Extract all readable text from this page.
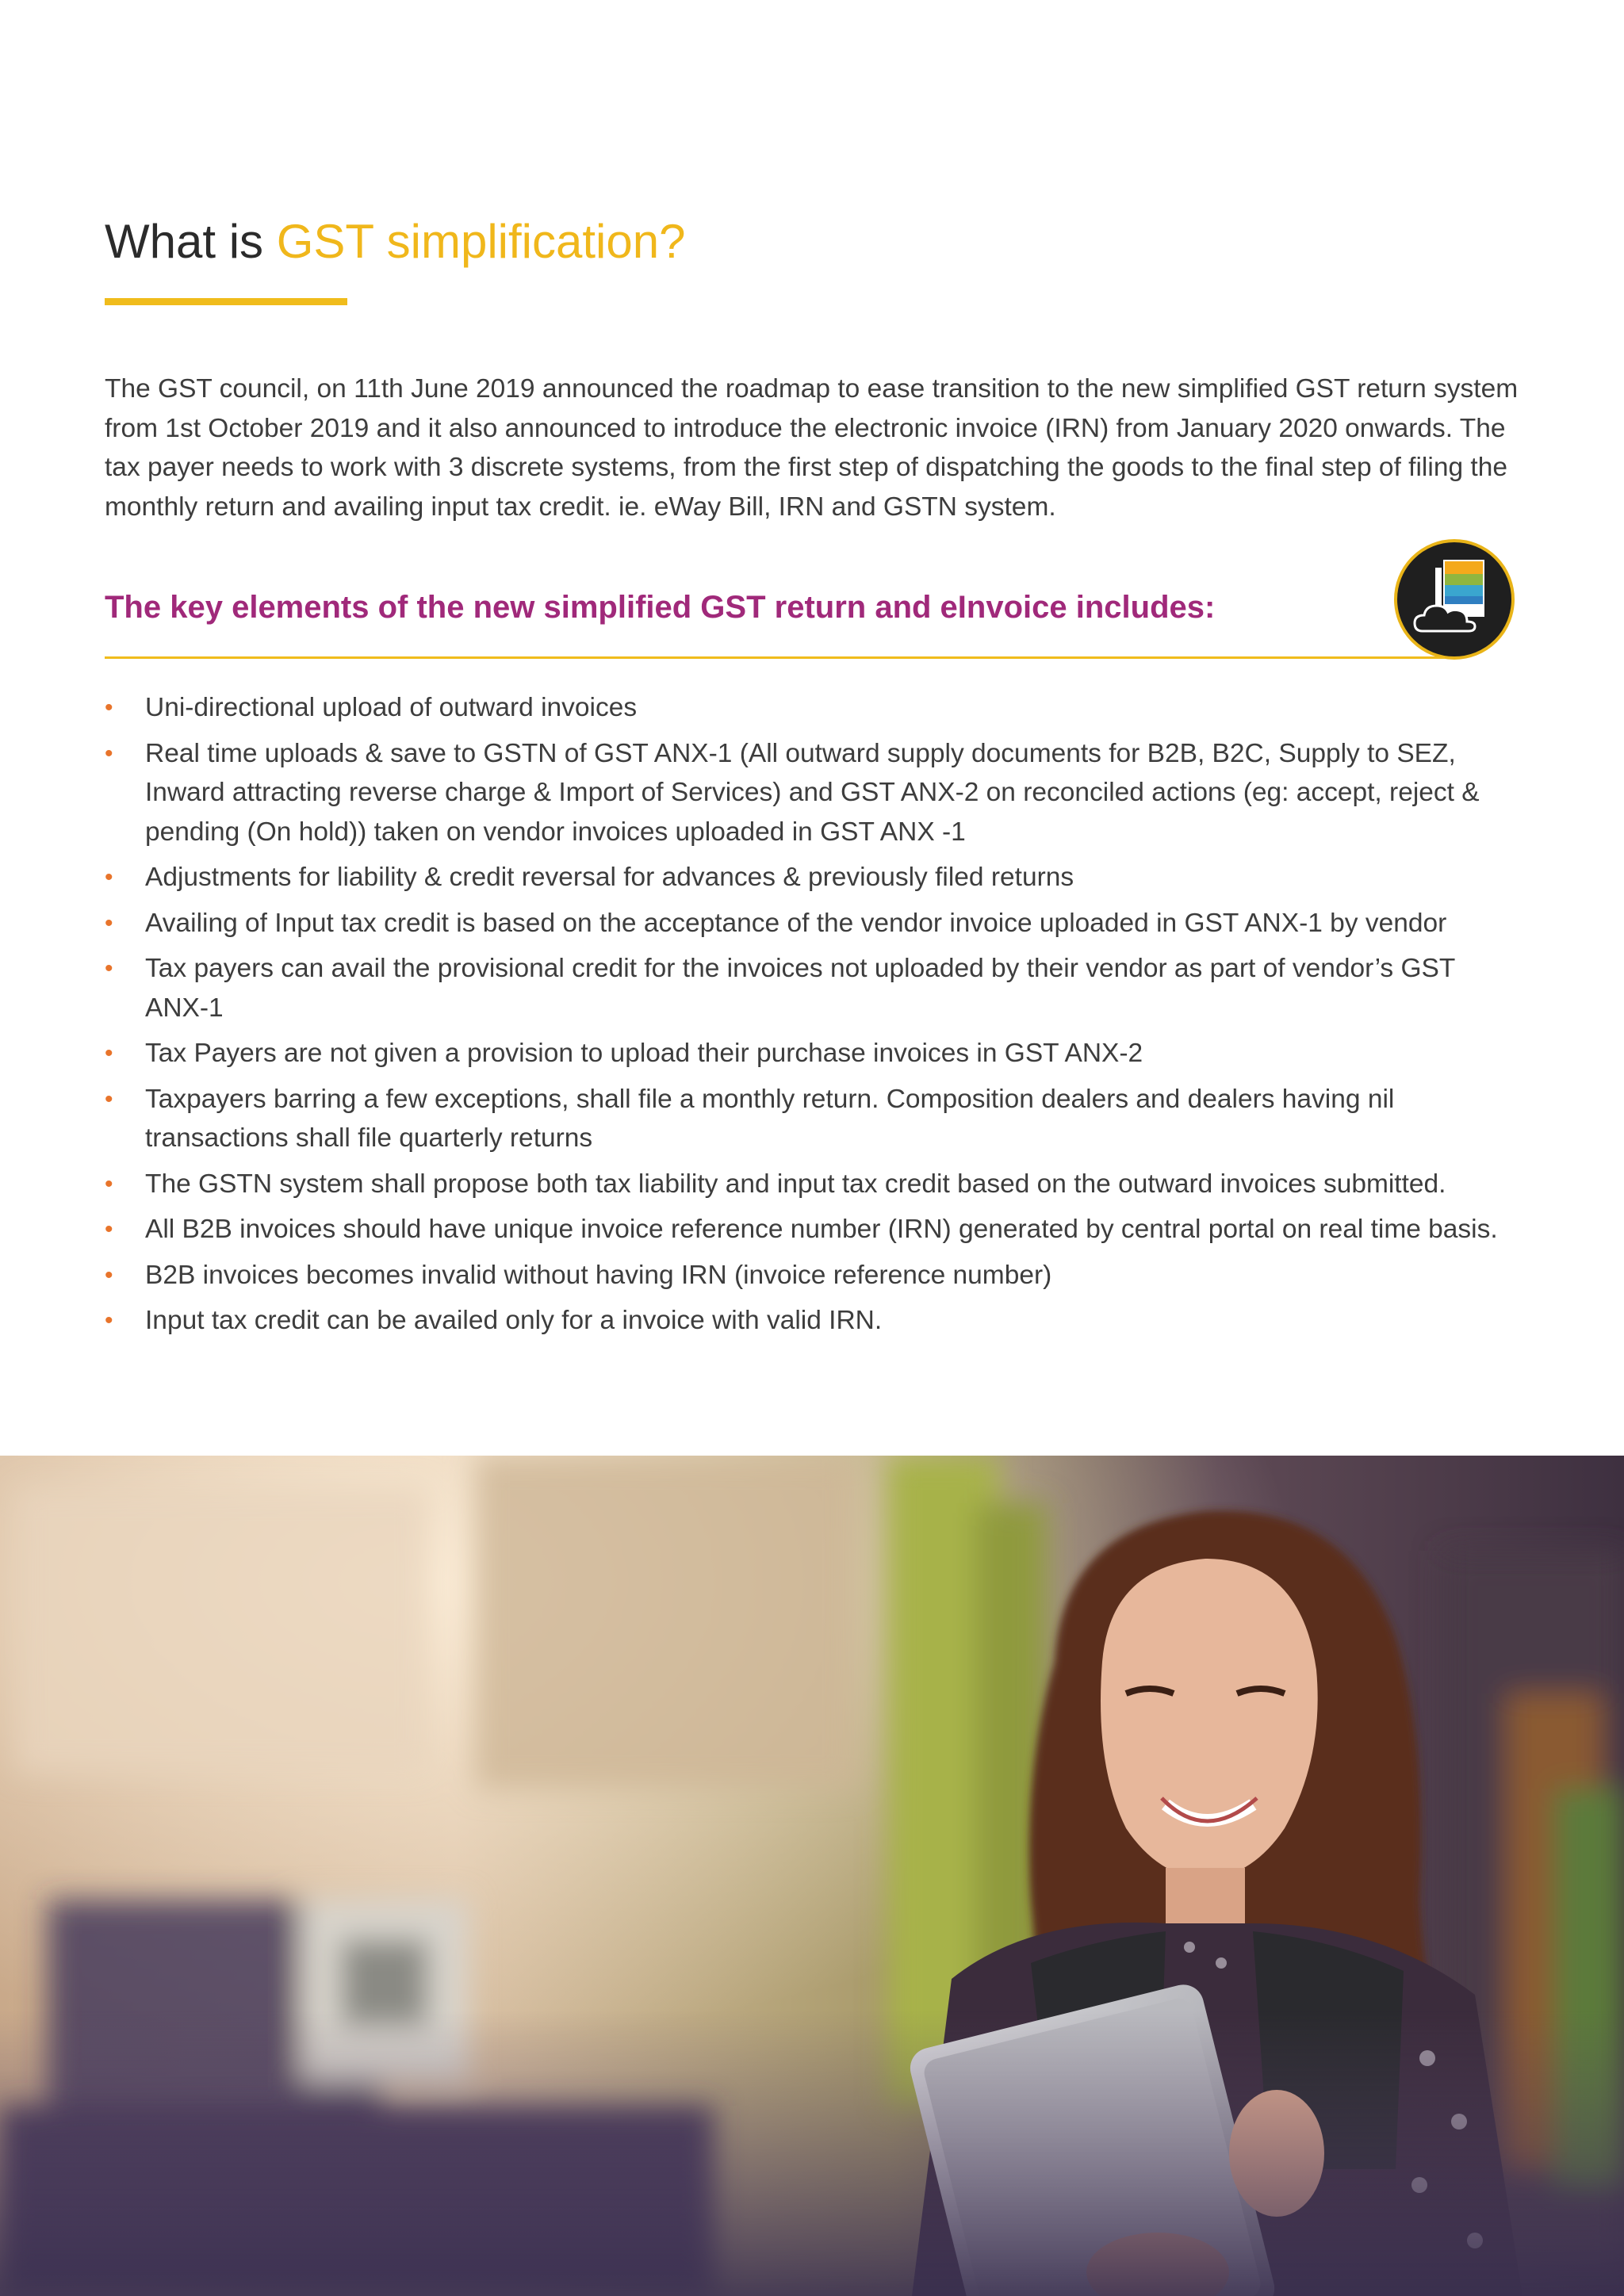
What is GST simplification?

The GST council, on 11th June 2019 announced the roadmap to ease transition to the new simplified GST return system from 1st October 2019 and it also announced to introduce the electronic invoice (IRN) from January 2020 onwards. The tax payer needs to work with 3 discrete systems, from the first step of dispatching the goods to the final step of filing the monthly return and availing input tax credit. ie. eWay Bill, IRN and GSTN system.

The key elements of the new simplified GST return and eInvoice includes:
• Uni-directional upload of outward invoices
• Real time uploads & save to GSTN of GST ANX-1 (All outward supply documents for B2B, B2C, Supply to SEZ, Inward attracting reverse charge & Import of Services) and GST ANX-2 on reconciled actions (eg: accept, reject & pending (On hold)) taken on vendor invoices uploaded in GST ANX -1
• Adjustments for liability & credit reversal for advances & previously filed returns
• Availing of Input tax credit is based on the acceptance of the vendor invoice uploaded in GST ANX-1 by vendor
• Tax payers can avail the provisional credit for the invoices not uploaded by their vendor as part of vendor’s GST ANX-1
• Tax Payers are not given a provision to upload their purchase invoices in GST ANX-2
• Taxpayers barring a few exceptions, shall file a monthly return. Composition dealers and dealers having nil transactions shall file quarterly returns
• The GSTN system shall propose both tax liability and input tax credit based on the outward invoices submitted.
• All B2B invoices should have unique invoice reference number (IRN) generated by central portal on real time basis.
• B2B invoices becomes invalid without having IRN (invoice reference number)
• Input tax credit can be availed only for a invoice with valid IRN.
